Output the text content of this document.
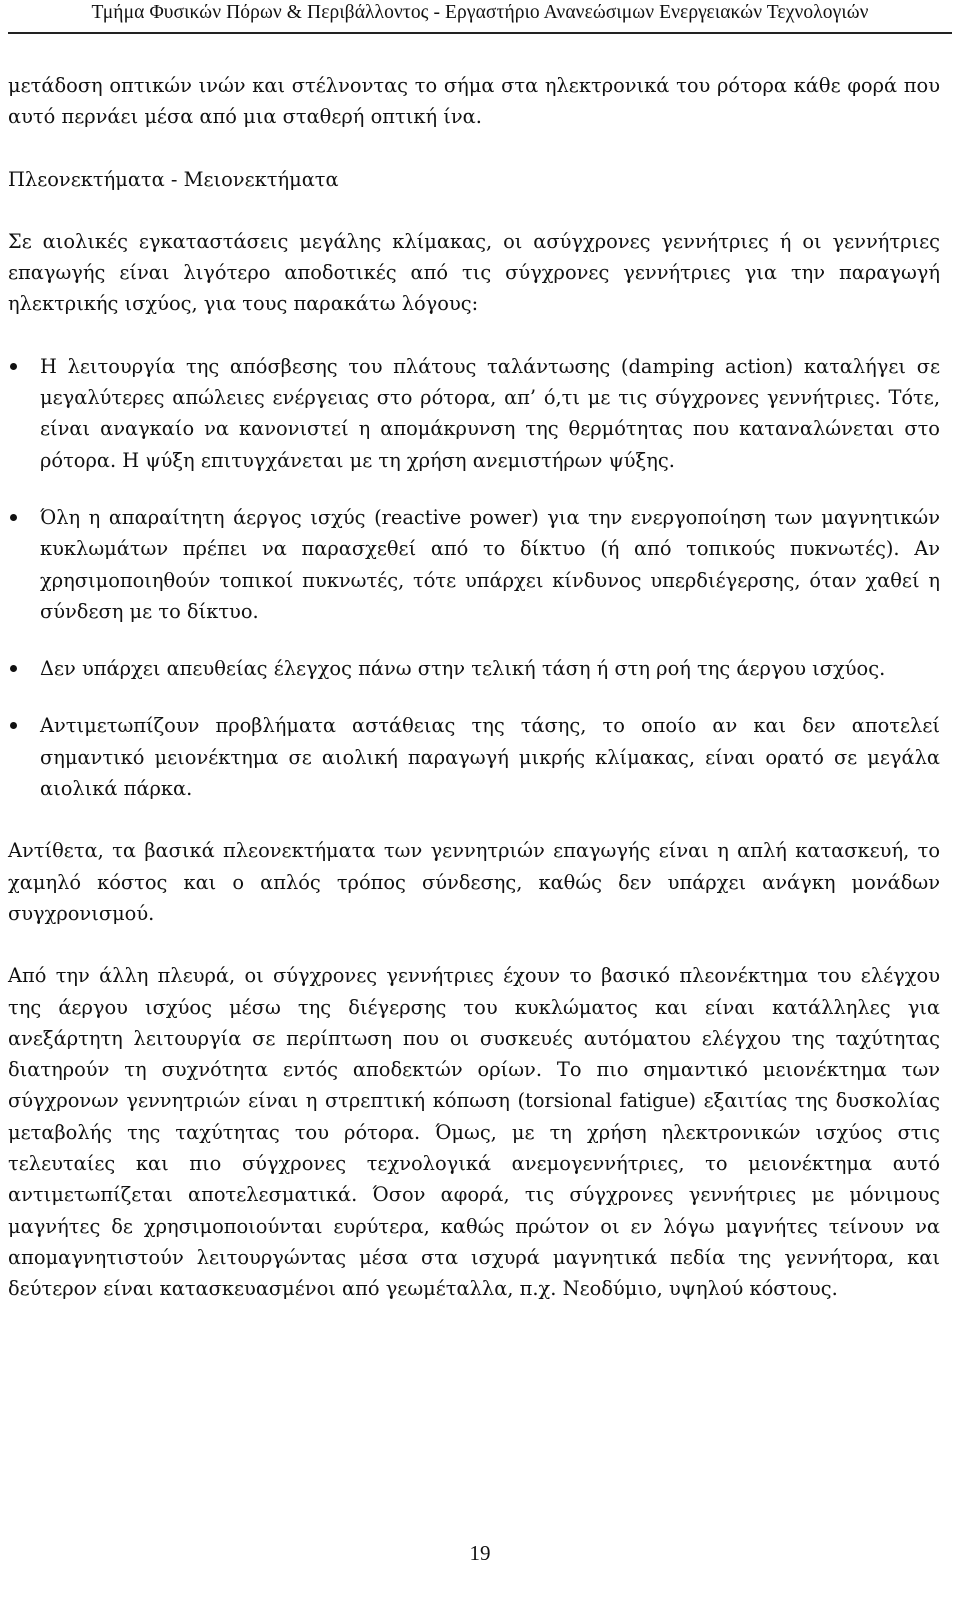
Τμήμα Φυσικών Πόρων & Περιβάλλοντος - Εργαστήριο Ανανεώσιμων Ενεργειακών Τεχνολογιών

μετάδοση οπτικών ινών και στέλνοντας το σήμα στα ηλεκτρονικά του ρότορα κάθε φορά που αυτό περνάει μέσα από μια σταθερή οπτική ίνα.

Πλεονεκτήματα - Μειονεκτήματα

Σε αιολικές εγκαταστάσεις μεγάλης κλίμακας, οι ασύγχρονες γεννήτριες ή οι γεννήτριες επαγωγής είναι λιγότερο αποδοτικές από τις σύγχρονες γεννήτριες για την παραγωγή ηλεκτρικής ισχύος, για τους παρακάτω λόγους:

Η λειτουργία της απόσβεσης του πλάτους ταλάντωσης (damping action) καταλήγει σε μεγαλύτερες απώλειες ενέργειας στο ρότορα, απ’ ό,τι με τις σύγχρονες γεννήτριες. Τότε, είναι αναγκαίο να κανονιστεί η απομάκρυνση της θερμότητας που καταναλώνεται στο ρότορα. Η ψύξη επιτυγχάνεται με τη χρήση ανεμιστήρων ψύξης.
Όλη η απαραίτητη άεργος ισχύς (reactive power) για την ενεργοποίηση των μαγνητικών κυκλωμάτων πρέπει να παρασχεθεί από το δίκτυο (ή από τοπικούς πυκνωτές). Αν χρησιμοποιηθούν τοπικοί πυκνωτές, τότε υπάρχει κίνδυνος υπερδιέγερσης, όταν χαθεί η σύνδεση με το δίκτυο.
Δεν υπάρχει απευθείας έλεγχος πάνω στην τελική τάση ή στη ροή της άεργου ισχύος.
Αντιμετωπίζουν προβλήματα αστάθειας της τάσης, το οποίο αν και δεν αποτελεί σημαντικό μειονέκτημα σε αιολική παραγωγή μικρής κλίμακας, είναι ορατό σε μεγάλα αιολικά πάρκα.

Αντίθετα, τα βασικά πλεονεκτήματα των γεννητριών επαγωγής είναι η απλή κατασκευή, το χαμηλό κόστος και ο απλός τρόπος σύνδεσης, καθώς δεν υπάρχει ανάγκη μονάδων συγχρονισμού.

Από την άλλη πλευρά, οι σύγχρονες γεννήτριες έχουν το βασικό πλεονέκτημα του ελέγχου της άεργου ισχύος μέσω της διέγερσης του κυκλώματος και είναι κατάλληλες για ανεξάρτητη λειτουργία σε περίπτωση που οι συσκευές αυτόματου ελέγχου της ταχύτητας διατηρούν τη συχνότητα εντός αποδεκτών ορίων. Το πιο σημαντικό μειονέκτημα των σύγχρονων γεννητριών είναι η στρεπτική κόπωση (torsional fatigue) εξαιτίας της δυσκολίας μεταβολής της ταχύτητας του ρότορα. Όμως, με τη χρήση ηλεκτρονικών ισχύος στις τελευταίες και πιο σύγχρονες τεχνολογικά ανεμογεννήτριες, το μειονέκτημα αυτό αντιμετωπίζεται αποτελεσματικά. Όσον αφορά, τις σύγχρονες γεννήτριες με μόνιμους μαγνήτες δε χρησιμοποιούνται ευρύτερα, καθώς πρώτον οι εν λόγω μαγνήτες τείνουν να απομαγνητιστούν λειτουργώντας μέσα στα ισχυρά μαγνητικά πεδία της γεννήτορα, και δεύτερον είναι κατασκευασμένοι από γεωμέταλλα, π.χ. Νεοδύμιο, υψηλού κόστους.

19
